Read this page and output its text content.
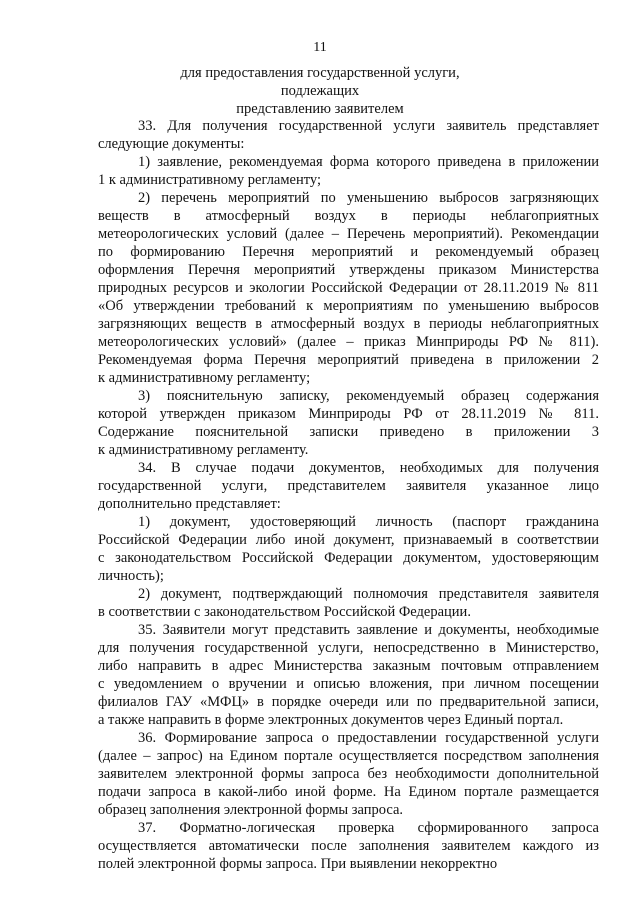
11
для предоставления государственной услуги, подлежащих
представлению заявителем
33. Для получения государственной услуги заявитель представляет
следующие документы:
1) заявление, рекомендуемая форма которого приведена в приложении
1 к административному регламенту;
2) перечень мероприятий по уменьшению выбросов загрязняющих
веществ в атмосферный воздух в периоды неблагоприятных
метеорологических условий (далее – Перечень мероприятий). Рекомендации
по формированию Перечня мероприятий и рекомендуемый образец
оформления Перечня мероприятий утверждены приказом Министерства
природных ресурсов и экологии Российской Федерации от 28.11.2019 № 811
«Об утверждении требований к мероприятиям по уменьшению выбросов
загрязняющих веществ в атмосферный воздух в периоды неблагоприятных
метеорологических условий» (далее – приказ Минприроды РФ № 811).
Рекомендуемая форма Перечня мероприятий приведена в приложении 2
к административному регламенту;
3) пояснительную записку, рекомендуемый образец содержания
которой утвержден приказом Минприроды РФ от 28.11.2019 № 811.
Содержание пояснительной записки приведено в приложении 3
к административному регламенту.
34. В случае подачи документов, необходимых для получения
государственной услуги, представителем заявителя указанное лицо
дополнительно представляет:
1) документ, удостоверяющий личность (паспорт гражданина
Российской Федерации либо иной документ, признаваемый в соответствии
с законодательством Российской Федерации документом, удостоверяющим
личность);
2) документ, подтверждающий полномочия представителя заявителя
в соответствии с законодательством Российской Федерации.
35. Заявители могут представить заявление и документы, необходимые
для получения государственной услуги, непосредственно в Министерство,
либо направить в адрес Министерства заказным почтовым отправлением
с уведомлением о вручении и описью вложения, при личном посещении
филиалов ГАУ «МФЦ» в порядке очереди или по предварительной записи,
а также направить в форме электронных документов через Единый портал.
36. Формирование запроса о предоставлении государственной услуги
(далее – запрос) на Едином портале осуществляется посредством заполнения
заявителем электронной формы запроса без необходимости дополнительной
подачи запроса в какой-либо иной форме. На Едином портале размещается
образец заполнения электронной формы запроса.
37. Форматно-логическая проверка сформированного запроса
осуществляется автоматически после заполнения заявителем каждого из
полей электронной формы запроса. При выявлении некорректно
